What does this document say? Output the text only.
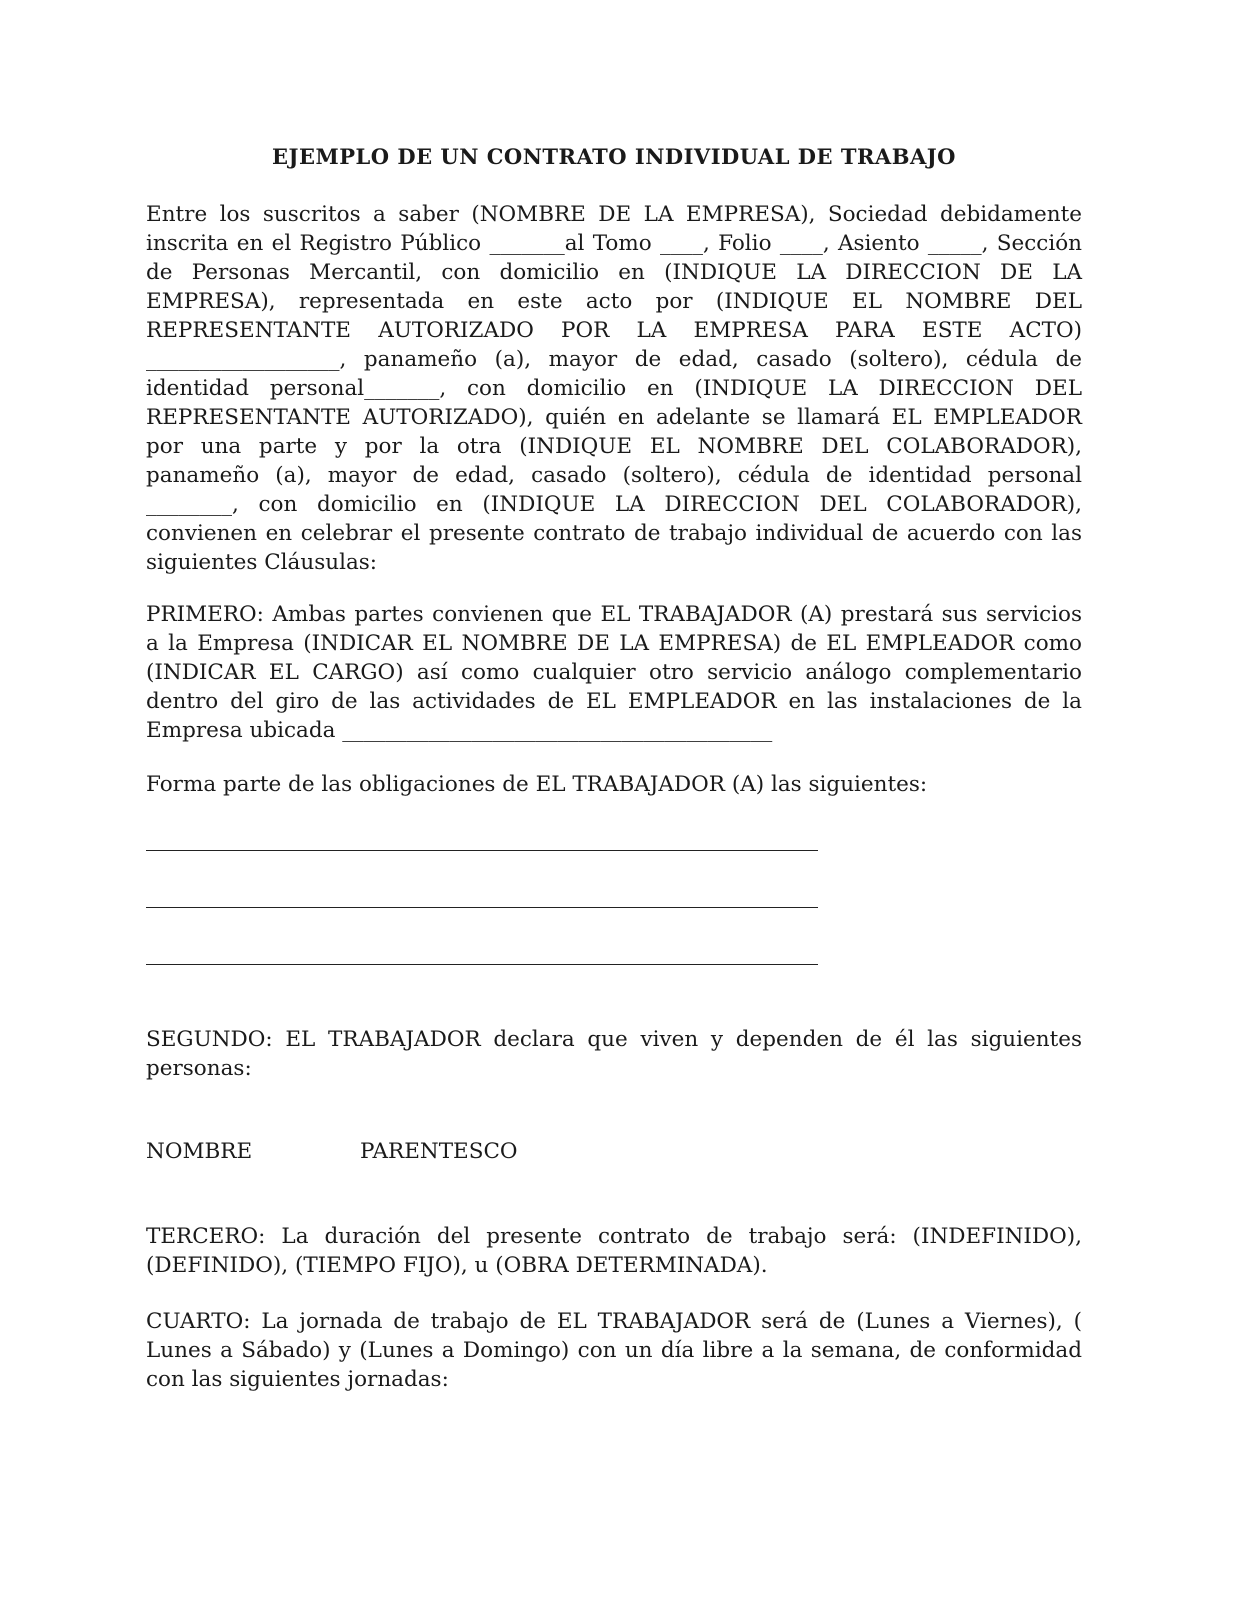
EJEMPLO DE UN CONTRATO INDIVIDUAL DE TRABAJO

Entre los suscritos a saber (NOMBRE DE LA EMPRESA), Sociedad debidamente inscrita en el Registro Público _______al Tomo ____, Folio ____, Asiento _____, Sección de Personas Mercantil, con domicilio en (INDIQUE LA DIRECCION DE LA EMPRESA), representada en este acto por (INDIQUE EL NOMBRE DEL REPRESENTANTE AUTORIZADO POR LA EMPRESA PARA ESTE ACTO) __________________, panameño (a), mayor de edad, casado (soltero), cédula de identidad personal_______, con domicilio en (INDIQUE LA DIRECCION DEL REPRESENTANTE AUTORIZADO), quién en adelante se llamará EL EMPLEADOR por una parte y por la otra (INDIQUE EL NOMBRE DEL COLABORADOR), panameño (a), mayor de edad, casado (soltero), cédula de identidad personal ________, con domicilio en (INDIQUE LA DIRECCION DEL COLABORADOR), convienen en celebrar el presente contrato de trabajo individual de acuerdo con las siguientes Cláusulas:

PRIMERO: Ambas partes convienen que EL TRABAJADOR (A) prestará sus servicios a la Empresa (INDICAR EL NOMBRE DE LA EMPRESA) de EL EMPLEADOR como (INDICAR EL CARGO) así como cualquier otro servicio análogo complementario dentro del giro de las actividades de EL EMPLEADOR en las instalaciones de la Empresa ubicada ________________________________________

Forma parte de las obligaciones de EL TRABAJADOR (A) las siguientes:

SEGUNDO: EL TRABAJADOR declara que viven y dependen de él las siguientes personas:

NOMBRE	PARENTESCO

TERCERO: La duración del presente contrato de trabajo será: (INDEFINIDO), (DEFINIDO), (TIEMPO FIJO), u (OBRA DETERMINADA).

CUARTO: La jornada de trabajo de EL TRABAJADOR será de (Lunes a Viernes), ( Lunes a Sábado) y (Lunes a Domingo) con un día libre a la semana, de conformidad con las siguientes jornadas:
